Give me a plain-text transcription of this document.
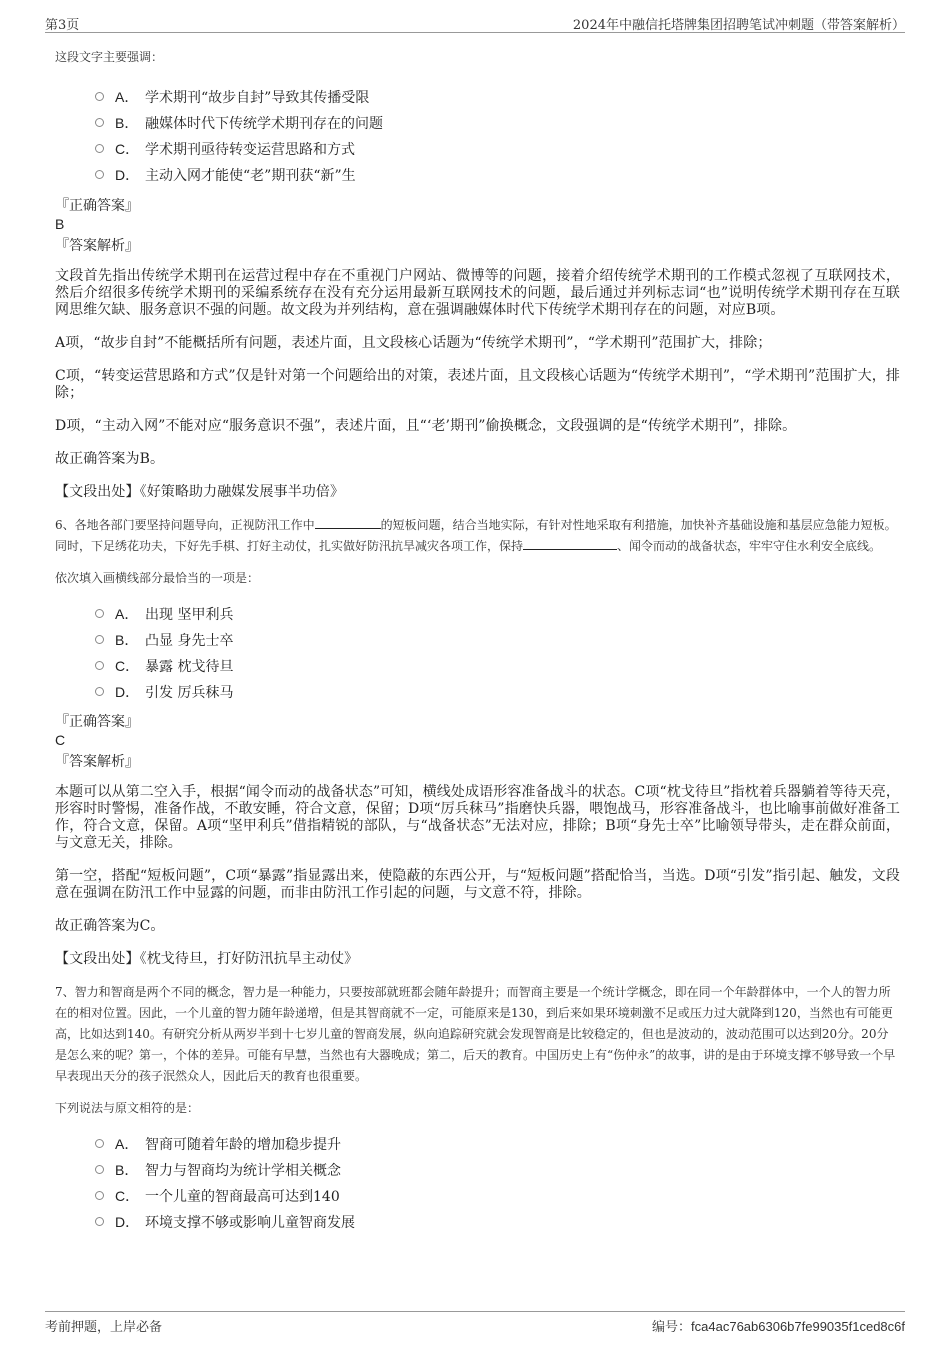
第3页	2024年中融信托塔牌集团招聘笔试冲刺题（带答案解析）

这段文字主要强调：

A． 学术期刊“故步自封”导致其传播受限
B． 融媒体时代下传统学术期刊存在的问题
C． 学术期刊亟待转变运营思路和方式
D． 主动入网才能使“老”期刊获“新”生

『正确答案』

B

『答案解析』

文段首先指出传统学术期刊在运营过程中存在不重视门户网站、微博等的问题，接着介绍传统学术期刊的工作模式忽视了互联网技术，然后介绍很多传统学术期刊的采编系统存在没有充分运用最新互联网技术的问题，最后通过并列标志词“也”说明传统学术期刊存在互联网思维欠缺、服务意识不强的问题。故文段为并列结构，意在强调融媒体时代下传统学术期刊存在的问题，对应B项。

A项，“故步自封”不能概括所有问题，表述片面，且文段核心话题为“传统学术期刊”，“学术期刊”范围扩大，排除；

C项，“转变运营思路和方式”仅是针对第一个问题给出的对策，表述片面，且文段核心话题为“传统学术期刊”，“学术期刊”范围扩大，排除；

D项，“主动入网”不能对应“服务意识不强”，表述片面，且“‘老’期刊”偷换概念，文段强调的是“传统学术期刊”，排除。

故正确答案为B。

【文段出处】《好策略助力融媒发展事半功倍》

6、各地各部门要坚持问题导向，正视防汛工作中	的短板问题，结合当地实际，有针对性地采取有利措施，加快补齐基础设施和基层应急能力短板。同时，下足绣花功夫，下好先手棋、打好主动仗，扎实做好防汛抗旱减灾各项工作，保持	、闻令而动的战备状态，牢牢守住水利安全底线。

依次填入画横线部分最恰当的一项是：

A． 出现 坚甲利兵
B． 凸显 身先士卒
C． 暴露 枕戈待旦
D． 引发 厉兵秣马

『正确答案』

C

『答案解析』

本题可以从第二空入手，根据“闻令而动的战备状态”可知，横线处成语形容准备战斗的状态。C项“枕戈待旦”指枕着兵器躺着等待天亮，形容时时警惕，准备作战，不敢安睡，符合文意，保留；D项“厉兵秣马”指磨快兵器，喂饱战马，形容准备战斗，也比喻事前做好准备工作，符合文意，保留。A项“坚甲利兵”借指精锐的部队，与“战备状态”无法对应，排除；B项“身先士卒”比喻领导带头，走在群众前面，与文意无关，排除。

第一空，搭配“短板问题”，C项“暴露”指显露出来，使隐蔽的东西公开，与“短板问题”搭配恰当，当选。D项“引发”指引起、触发，文段意在强调在防汛工作中显露的问题，而非由防汛工作引起的问题，与文意不符，排除。

故正确答案为C。

【文段出处】《枕戈待旦，打好防汛抗旱主动仗》

7、智力和智商是两个不同的概念，智力是一种能力，只要按部就班都会随年龄提升；而智商主要是一个统计学概念，即在同一个年龄群体中，一个人的智力所在的相对位置。因此，一个儿童的智力随年龄递增，但是其智商就不一定，可能原来是130，到后来如果环境刺激不足或压力过大就降到120，当然也有可能更高，比如达到140。有研究分析从两岁半到十七岁儿童的智商发展，纵向追踪研究就会发现智商是比较稳定的，但也是波动的，波动范围可以达到20分。20分是怎么来的呢？第一，个体的差异。可能有早慧，当然也有大器晚成；第二，后天的教育。中国历史上有“伤仲永”的故事，讲的是由于环境支撑不够导致一个早早表现出天分的孩子泯然众人，因此后天的教育也很重要。

下列说法与原文相符的是：

A． 智商可随着年龄的增加稳步提升
B． 智力与智商均为统计学相关概念
C． 一个儿童的智商最高可达到140
D． 环境支撑不够或影响儿童智商发展
考前押题，上岸必备	编号：fca4ac76ab6306b7fe99035f1ced8c6f
